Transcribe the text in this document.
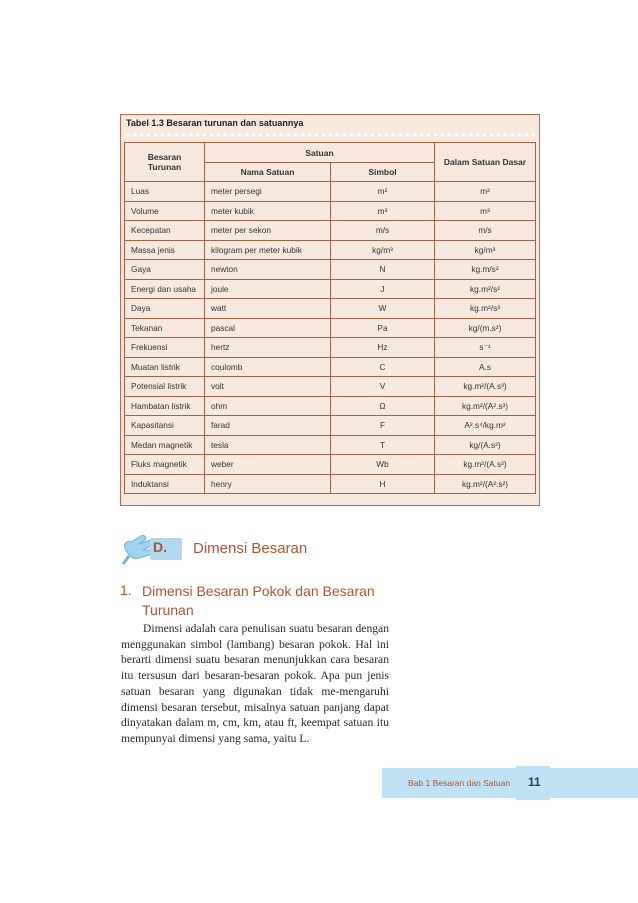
Tabel 1.3 Besaran turunan dan satuannya
Besaran Turunan	Satuan		Dalam Satuan Dasar
	Nama Satuan	Simbol	
Luas	meter persegi	m²	m²
Volume	meter kubik	m³	m³
Kecepatan	meter per sekon	m/s	m/s
Massa jenis	kilogram per meter kubik	kg/m³	kg/m³
Gaya	newton	N	kg.m/s²
Energi dan usaha	joule	J	kg.m²/s²
Daya	watt	W	kg.m²/s³
Tekanan	pascal	Pa	kg/(m.s²)
Frekuensi	hertz	Hz	s⁻¹
Muatan listrik	coulomb	C	A.s
Potensial listrik	volt	V	kg.m²/(A.s³)
Hambatan listrik	ohm	Ω	kg.m²/(A².s³)
Kapasitansi	farad	F	A².s⁴/kg.m²
Medan magnetik	tesla	T	kg/(A.s²)
Fluks magnetik	weber	Wb	kg.m²/(A.s²)
Induktansi	henry	H	kg.m²/(A².s²)
D. Dimensi Besaran
1. Dimensi Besaran Pokok dan Besaran Turunan
Dimensi adalah cara penulisan suatu besaran dengan menggunakan simbol (lambang) besaran pokok. Hal ini berarti dimensi suatu besaran menunjukkan cara besaran itu tersusun dari besaran-besaran pokok. Apa pun jenis satuan besaran yang digunakan tidak me-mengaruhi dimensi besaran tersebut, misalnya satuan panjang dapat dinyatakan dalam m, cm, km, atau ft, keempat satuan itu mempunyai dimensi yang sama, yaitu L.
Bab 1 Besaran dan Satuan 11
